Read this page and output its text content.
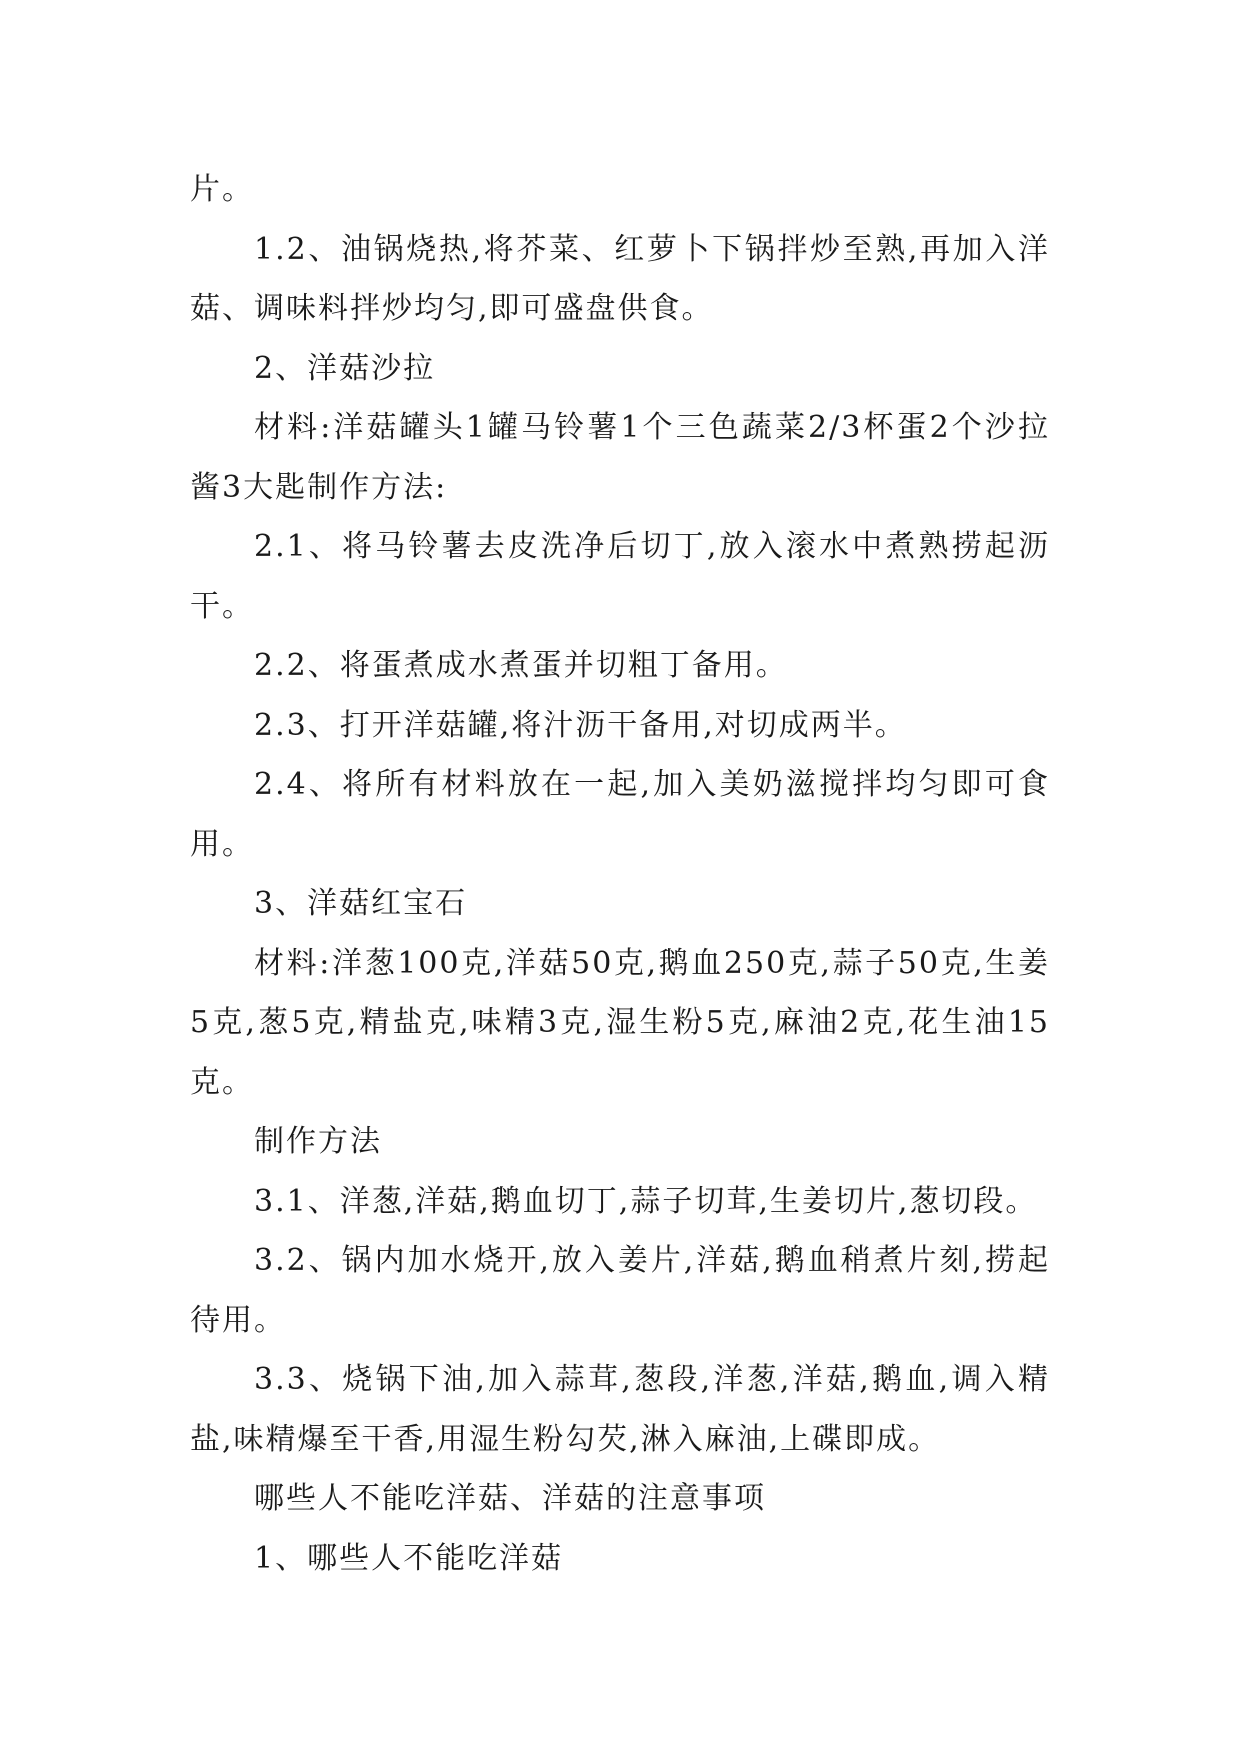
片。

1.2、油锅烧热,将芥菜、红萝卜下锅拌炒至熟,再加入洋菇、调味料拌炒均匀,即可盛盘供食。

2、洋菇沙拉

材料:洋菇罐头1罐马铃薯1个三色蔬菜2/3杯蛋2个沙拉酱3大匙制作方法:

2.1、将马铃薯去皮洗净后切丁,放入滚水中煮熟捞起沥干。

2.2、将蛋煮成水煮蛋并切粗丁备用。

2.3、打开洋菇罐,将汁沥干备用,对切成两半。

2.4、将所有材料放在一起,加入美奶滋搅拌均匀即可食用。

3、洋菇红宝石

材料:洋葱100克,洋菇50克,鹅血250克,蒜子50克,生姜5克,葱5克,精盐克,味精3克,湿生粉5克,麻油2克,花生油15克。

制作方法

3.1、洋葱,洋菇,鹅血切丁,蒜子切茸,生姜切片,葱切段。

3.2、锅内加水烧开,放入姜片,洋菇,鹅血稍煮片刻,捞起待用。

3.3、烧锅下油,加入蒜茸,葱段,洋葱,洋菇,鹅血,调入精盐,味精爆至干香,用湿生粉勾芡,淋入麻油,上碟即成。

哪些人不能吃洋菇、洋菇的注意事项

1、哪些人不能吃洋菇
